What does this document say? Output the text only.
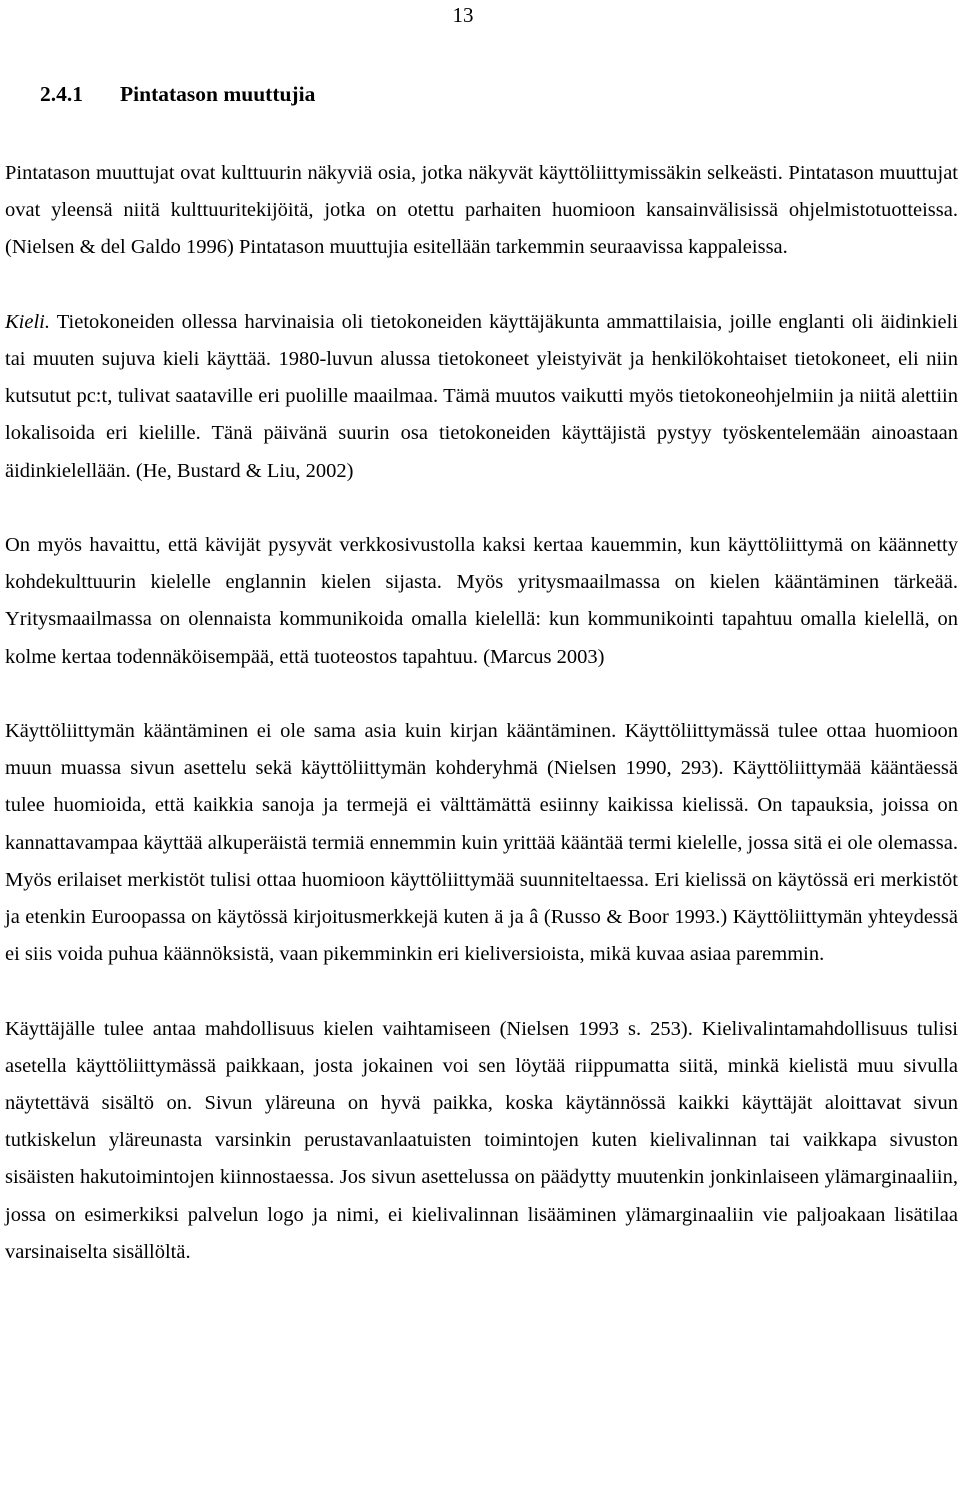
13
2.4.1 Pintatason muuttujia

Pintatason muuttujat ovat kulttuurin näkyviä osia, jotka näkyvät käyttöliittymissäkin selkeästi. Pintatason muuttujat ovat yleensä niitä kulttuuritekijöitä, jotka on otettu parhaiten huomioon kansainvälisissä ohjelmistotuotteissa. (Nielsen & del Galdo 1996) Pintatason muuttujia esitellään tarkemmin seuraavissa kappaleissa.

Kieli. Tietokoneiden ollessa harvinaisia oli tietokoneiden käyttäjäkunta ammattilaisia, joille englanti oli äidinkieli tai muuten sujuva kieli käyttää. 1980-luvun alussa tietokoneet yleistyivät ja henkilökohtaiset tietokoneet, eli niin kutsutut pc:t, tulivat saataville eri puolille maailmaa. Tämä muutos vaikutti myös tietokoneohjelmiin ja niitä alettiin lokalisoida eri kielille. Tänä päivänä suurin osa tietokoneiden käyttäjistä pystyy työskentelemään ainoastaan äidinkielellään. (He, Bustard & Liu, 2002)

On myös havaittu, että kävijät pysyvät verkkosivustolla kaksi kertaa kauemmin, kun käyttöliittymä on käännetty kohdekulttuurin kielelle englannin kielen sijasta. Myös yritysmaailmassa on kielen kääntäminen tärkeää. Yritysmaailmassa on olennaista kommunikoida omalla kielellä: kun kommunikointi tapahtuu omalla kielellä, on kolme kertaa todennäköisempää, että tuoteostos tapahtuu. (Marcus 2003)

Käyttöliittymän kääntäminen ei ole sama asia kuin kirjan kääntäminen. Käyttöliittymässä tulee ottaa huomioon muun muassa sivun asettelu sekä käyttöliittymän kohderyhmä (Nielsen 1990, 293). Käyttöliittymää kääntäessä tulee huomioida, että kaikkia sanoja ja termejä ei välttämättä esiinny kaikissa kielissä. On tapauksia, joissa on kannattavampaa käyttää alkuperäistä termiä ennemmin kuin yrittää kääntää termi kielelle, jossa sitä ei ole olemassa. Myös erilaiset merkistöt tulisi ottaa huomioon käyttöliittymää suunniteltaessa. Eri kielissä on käytössä eri merkistöt ja etenkin Euroopassa on käytössä kirjoitusmerkkejä kuten ä ja â (Russo & Boor 1993.) Käyttöliittymän yhteydessä ei siis voida puhua käännöksistä, vaan pikemminkin eri kieliversioista, mikä kuvaa asiaa paremmin.

Käyttäjälle tulee antaa mahdollisuus kielen vaihtamiseen (Nielsen 1993 s. 253). Kielivalintamahdollisuus tulisi asetella käyttöliittymässä paikkaan, josta jokainen voi sen löytää riippumatta siitä, minkä kielistä muu sivulla näytettävä sisältö on. Sivun yläreuna on hyvä paikka, koska käytännössä kaikki käyttäjät aloittavat sivun tutkiskelun yläreunasta varsinkin perustavanlaatuisten toimintojen kuten kielivalinnan tai vaikkapa sivuston sisäisten hakutoimintojen kiinnostaessa. Jos sivun asettelussa on päädytty muutenkin jonkinlaiseen ylämarginaaliin, jossa on esimerkiksi palvelun logo ja nimi, ei kielivalinnan lisääminen ylämarginaaliin vie paljoakaan lisätilaa varsinaiselta sisällöltä.
